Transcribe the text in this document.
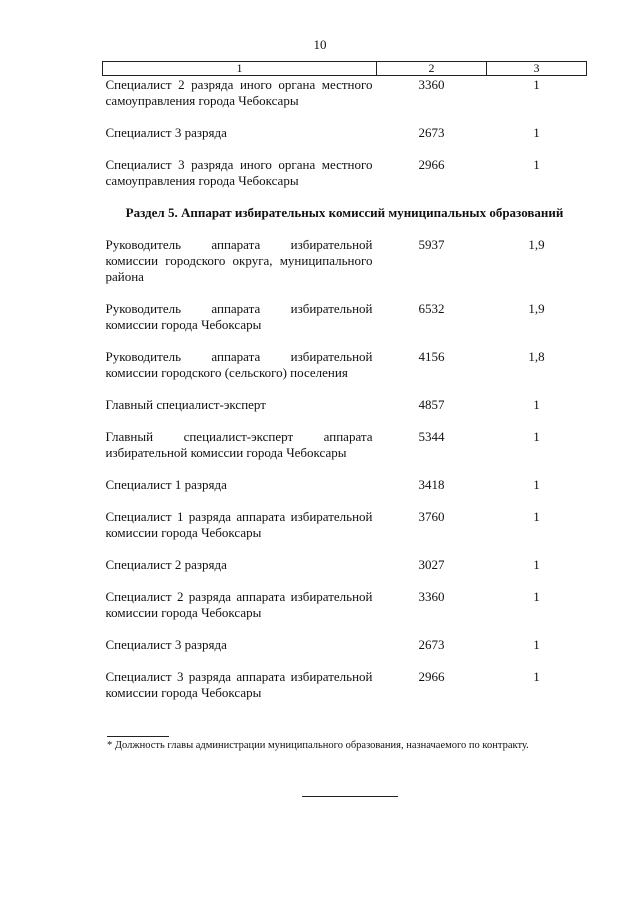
10
1	2	3
Специалист 2 разряда иного органа местного самоуправления города Чебоксары	3360	1
Специалист 3 разряда	2673	1
Специалист 3 разряда иного органа местного самоуправления города Чебоксары	2966	1
Раздел 5. Аппарат избирательных комиссий муниципальных образований		
Руководитель аппарата избирательной комиссии городского округа, муниципального района	5937	1,9
Руководитель аппарата избирательной комиссии города Чебоксары	6532	1,9
Руководитель аппарата избирательной комиссии городского (сельского) поселения	4156	1,8
Главный специалист-эксперт	4857	1
Главный специалист-эксперт аппарата избирательной комиссии города Чебоксары	5344	1
Специалист 1 разряда	3418	1
Специалист 1 разряда аппарата избирательной комиссии города Чебоксары	3760	1
Специалист 2 разряда	3027	1
Специалист 2 разряда аппарата избирательной комиссии города Чебоксары	3360	1
Специалист 3 разряда	2673	1
Специалист 3 разряда аппарата избирательной комиссии города Чебоксары	2966	1
* Должность главы администрации муниципального образования, назначаемого по контракту.
